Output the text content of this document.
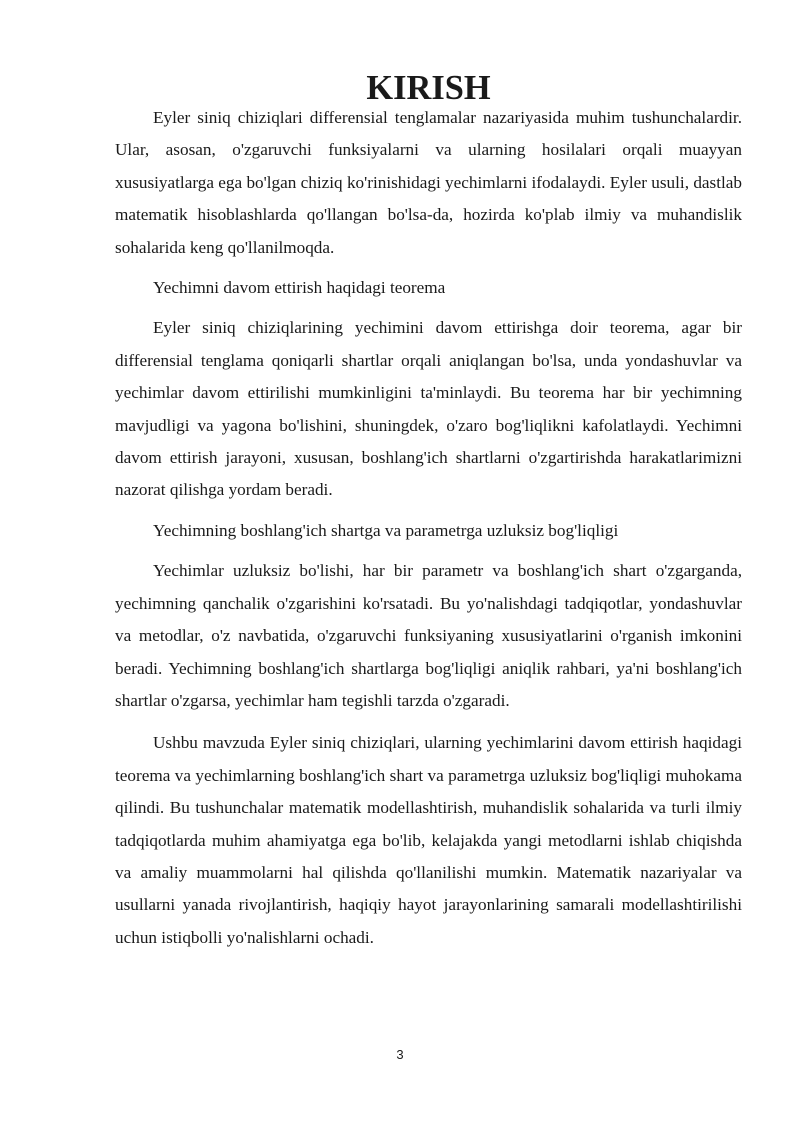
KIRISH

Eyler siniq chiziqlari differensial tenglamalar nazariyasida muhim tushunchalardir. Ular, asosan, o'zgaruvchi funksiyalarni va ularning hosilalari orqali muayyan xususiyatlarga ega bo'lgan chiziq ko'rinishidagi yechimlarni ifodalaydi. Eyler usuli, dastlab matematik hisoblashlarda qo'llangan bo'lsa-da, hozirda ko'plab ilmiy va muhandislik sohalarida keng qo'llanilmoqda.

Yechimni davom ettirish haqidagi teorema

Eyler siniq chiziqlarining yechimini davom ettirishga doir teorema, agar bir differensial tenglama qoniqarli shartlar orqali aniqlangan bo'lsa, unda yondashuvlar va yechimlar davom ettirilishi mumkinligini ta'minlaydi. Bu teorema har bir yechimning mavjudligi va yagona bo'lishini, shuningdek, o'zaro bog'liqlikni kafolatlaydi. Yechimni davom ettirish jarayoni, xususan, boshlang'ich shartlarni o'zgartirishda harakatlarimizni nazorat qilishga yordam beradi.

Yechimning boshlang'ich shartga va parametrga uzluksiz bog'liqligi

Yechimlar uzluksiz bo'lishi, har bir parametr va boshlang'ich shart o'zgarganda, yechimning qanchalik o'zgarishini ko'rsatadi. Bu yo'nalishdagi tadqiqotlar, yondashuvlar va metodlar, o'z navbatida, o'zgaruvchi funksiyaning xususiyatlarini o'rganish imkonini beradi. Yechimning boshlang'ich shartlarga bog'liqligi aniqlik rahbari, ya'ni boshlang'ich shartlar o'zgarsa, yechimlar ham tegishli tarzda o'zgaradi.

Ushbu mavzuda Eyler siniq chiziqlari, ularning yechimlarini davom ettirish haqidagi teorema va yechimlarning boshlang'ich shart va parametrga uzluksiz bog'liqligi muhokama qilindi. Bu tushunchalar matematik modellashtirish, muhandislik sohalarida va turli ilmiy tadqiqotlarda muhim ahamiyatga ega bo'lib, kelajakda yangi metodlarni ishlab chiqishda va amaliy muammolarni hal qilishda qo'llanilishi mumkin. Matematik nazariyalar va usullarni yanada rivojlantirish, haqiqiy hayot jarayonlarining samarali modellashtirilishi uchun istiqbolli yo'nalishlarni ochadi.

3
